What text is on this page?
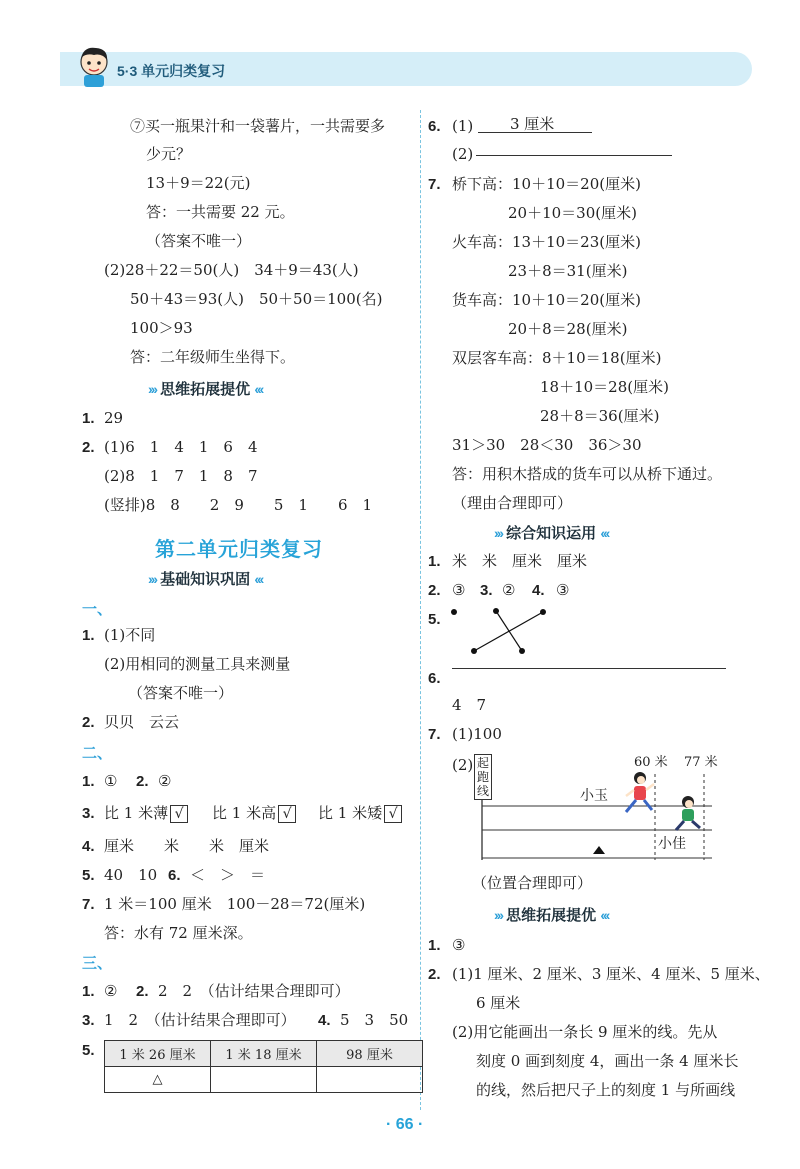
5·3 单元归类复习
⑦买一瓶果汁和一袋薯片，一共需要多
少元？
13＋9＝22(元)
答：一共需要 22 元。
（答案不唯一）
(2)28＋22＝50(人)　34＋9＝43(人)
50＋43＝93(人)　50＋50＝100(名)
100＞93
答：二年级师生坐得下。
››› 思维拓展提优 ‹‹‹
1. 29
2. (1)6　1　4　1　6　4
(2)8　1　7　1　8　7
(竖排)8　8　　2　9　　5　1　　6　1
第二单元归类复习
››› 基础知识巩固 ‹‹‹
一、
1. (1)不同
(2)用相同的测量工具来测量
（答案不唯一）
2. 贝贝　云云
二、
1. ① 2. ②
3. 比 1 米薄 √	比 1 米高 √	比 1 米矮 √
4. 厘米　　米　　米　厘米
5. 40　10 6. ＜　＞　＝
7. 1 米＝100 厘米　100－28＝72(厘米)
答：水有 72 厘米深。
三、
1. ② 2. 2　2　（估计结果合理即可）
3. 1　2　（估计结果合理即可） 4. 5　3　50
5. 1 米 26 厘米	1 米 18 厘米	98 厘米
△		
6. (1) 3 厘米
(2)
7. 桥下高：10＋10＝20(厘米)
20＋10＝30(厘米)
火车高：13＋10＝23(厘米)
23＋8＝31(厘米)
货车高：10＋10＝20(厘米)
20＋8＝28(厘米)
双层客车高：8＋10＝18(厘米)
18＋10＝28(厘米)
28＋8＝36(厘米)
31＞30　28＜30　36＞30
答：用积木搭成的货车可以从桥下通过。
（理由合理即可）
››› 综合知识运用 ‹‹‹
1. 米　米　厘米　厘米
2. ③ 3. ② 4. ③
5.
6.
4　7
7. (1)100
(2) 起跑线
60 米 77 米
小玉
小佳
（位置合理即可）
››› 思维拓展提优 ‹‹‹
1. ③
2. (1)1 厘米、2 厘米、3 厘米、4 厘米、5 厘米、
6 厘米
(2)用它能画出一条长 9 厘米的线。先从
刻度 0 画到刻度 4，画出一条 4 厘米长
的线，然后把尺子上的刻度 1 与所画线
· 66 ·
